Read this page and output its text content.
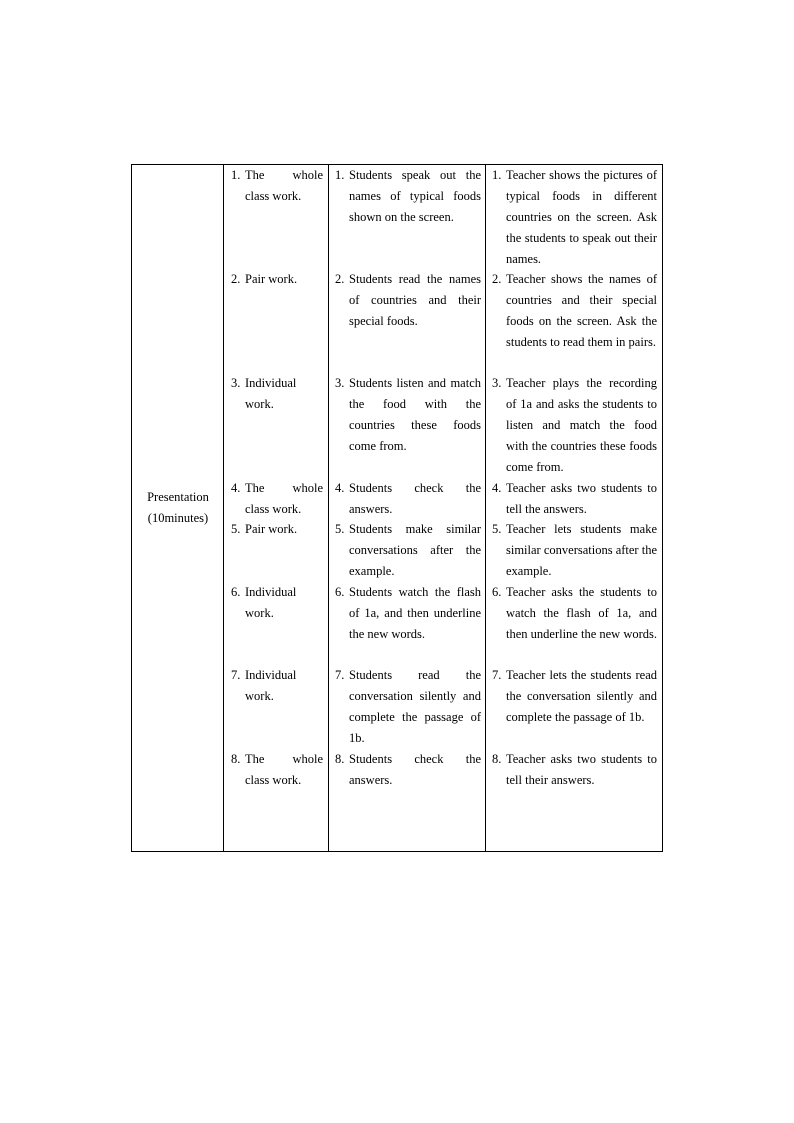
Presentation
(10minutes)
1. The whole class work.
1. Students speak out the names of typical foods shown on the screen.
1. Teacher shows the pictures of typical foods in different countries on the screen. Ask the students to speak out their names.
2. Pair work.	2. Students read the names of countries and their special foods.
2. Teacher shows the names of countries and their special foods on the screen. Ask the students to read them in pairs.
3. Individual work.
3. Students listen and match the food with the countries these foods come from.
3. Teacher plays the recording of 1a and asks the students to listen and match the food with the countries these foods come from.
4. The whole class work.
4. Students check the answers.
4. Teacher asks two students to tell the answers.
5. Pair work.	5. Students make similar conversations after the example.
5. Teacher lets students make similar conversations after the example.
6. Individual work.
6. Students watch the flash of 1a, and then underline the new words.
6. Teacher asks the students to watch the flash of 1a, and then underline the new words.
7. Individual work.
7. Students read the conversation silently and complete the passage of 1b.
7. Teacher lets the students read the conversation silently and complete the passage of 1b.
8. The whole class work.
8. Students check the answers.
8. Teacher asks two students to tell their answers.
